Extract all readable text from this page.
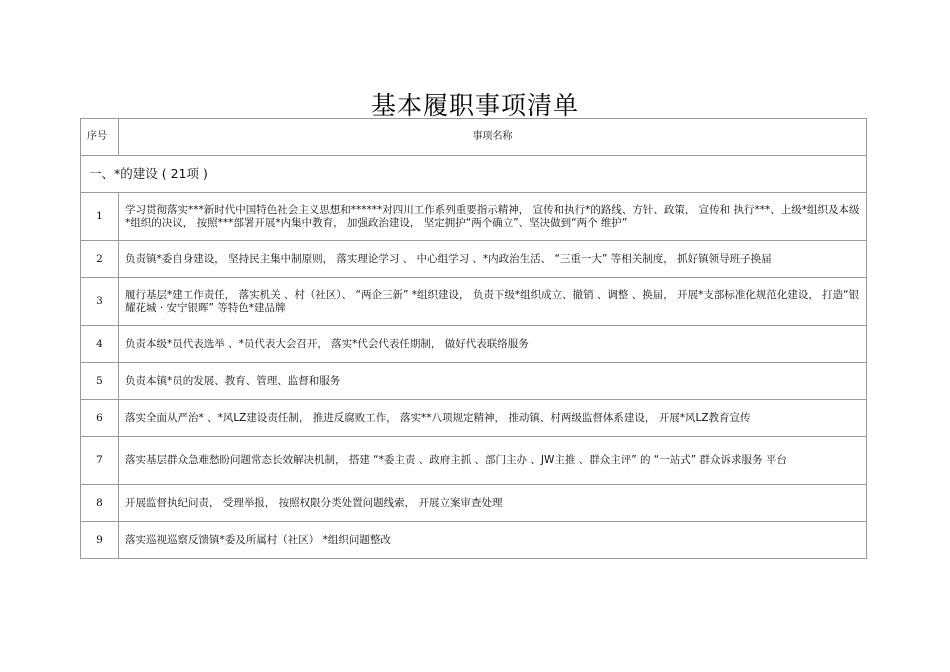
基本履职事项清单
序号	事项名称
一、*的建设 ( 21项 )	
1	学习贯彻落实***新时代中国特色社会主义思想和******对四川工作系列重要指示精神， 宣传和执行*的路线、方针、政策， 宣传和 执行***、上级*组织及本级*组织的决议， 按照***部署开展*内集中教育， 加强政治建设， 坚定拥护“两个确立”、坚决做到“两个 维护”
2	负责镇*委自身建设， 坚持民主集中制原则， 落实理论学习 、 中心组学习 、*内政治生活、 “三重一大” 等相关制度， 抓好镇领导班子换届
3	履行基层*建工作责任， 落实机关 、村（社区）、 “两企三新” *组织建设， 负责下级*组织成立、撤销 、调整 、换届， 开展*支部标准化规范化建设， 打造“银耀花城 · 安宁银晖” 等特色*建品牌
4	负责本级*员代表选举 、*员代表大会召开， 落实*代会代表任期制， 做好代表联络服务
5	负责本镇*员的发展、教育、管理、监督和服务
6	落实全面从严治* 、*风LZ建设责任制， 推进反腐败工作， 落实**八项规定精神， 推动镇、村两级监督体系建设， 开展*风LZ教育宣传
7	落实基层群众急难愁盼问题常态长效解决机制， 搭建 “*委主责 、政府主抓 、部门主办 、JW主推 、群众主评” 的 “一站式” 群众诉求服务 平台
8	开展监督执纪问责， 受理举报， 按照权限分类处置问题线索， 开展立案审查处理
9	落实巡视巡察反馈镇*委及所属村（社区） *组织问题整改
